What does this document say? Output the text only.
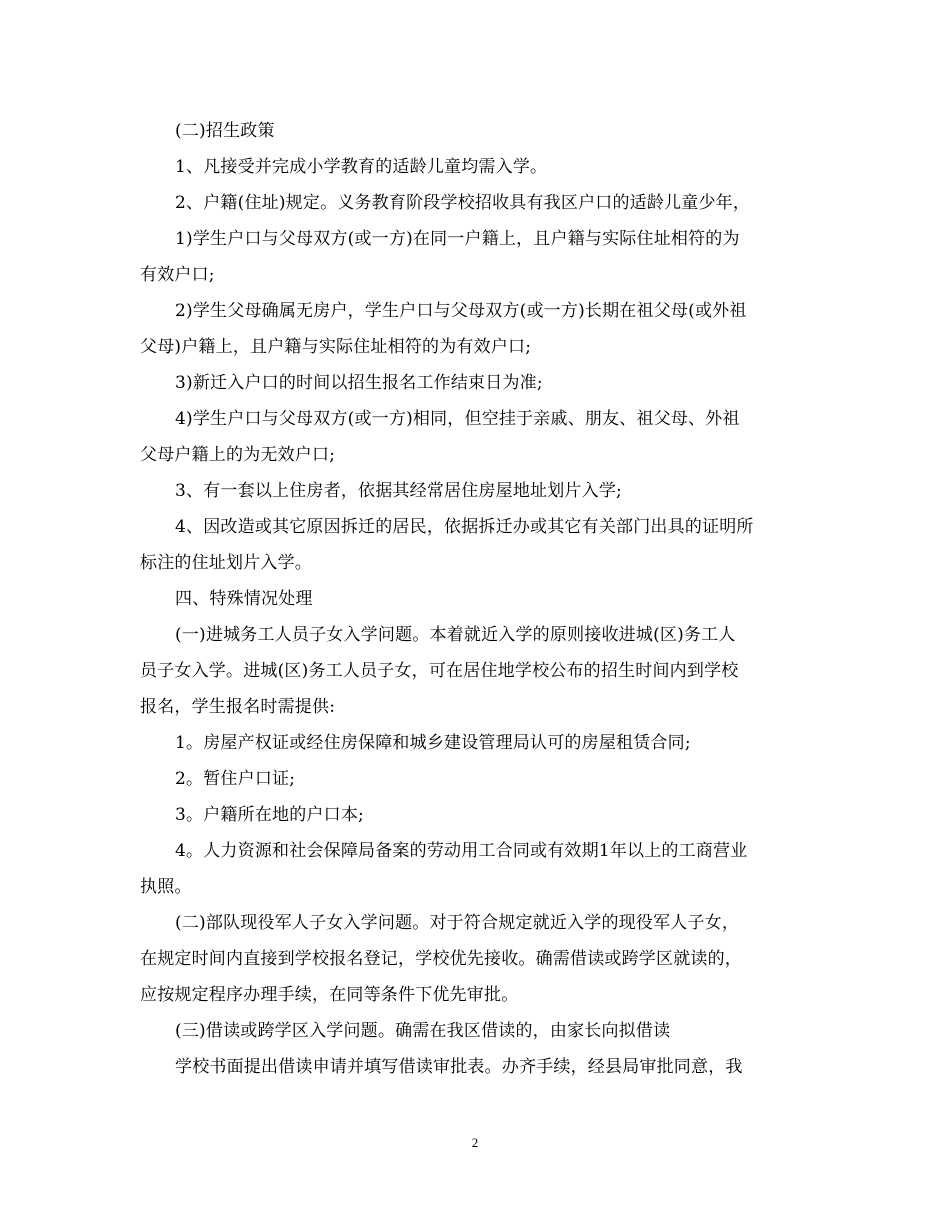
(二)招生政策
1、凡接受并完成小学教育的适龄儿童均需入学。
2、户籍(住址)规定。义务教育阶段学校招收具有我区户口的适龄儿童少年，
1)学生户口与父母双方(或一方)在同一户籍上，且户籍与实际住址相符的为
有效户口;
2)学生父母确属无房户，学生户口与父母双方(或一方)长期在祖父母(或外祖
父母)户籍上，且户籍与实际住址相符的为有效户口;
3)新迁入户口的时间以招生报名工作结束日为准;
4)学生户口与父母双方(或一方)相同，但空挂于亲戚、朋友、祖父母、外祖
父母户籍上的为无效户口;
3、有一套以上住房者，依据其经常居住房屋地址划片入学;
4、因改造或其它原因拆迁的居民，依据拆迁办或其它有关部门出具的证明所
标注的住址划片入学。
四、特殊情况处理
(一)进城务工人员子女入学问题。本着就近入学的原则接收进城(区)务工人
员子女入学。进城(区)务工人员子女，可在居住地学校公布的招生时间内到学校
报名，学生报名时需提供:
1。房屋产权证或经住房保障和城乡建设管理局认可的房屋租赁合同;
2。暂住户口证;
3。户籍所在地的户口本;
4。人力资源和社会保障局备案的劳动用工合同或有效期1年以上的工商营业
执照。
(二)部队现役军人子女入学问题。对于符合规定就近入学的现役军人子女，
在规定时间内直接到学校报名登记，学校优先接收。确需借读或跨学区就读的，
应按规定程序办理手续，在同等条件下优先审批。
(三)借读或跨学区入学问题。确需在我区借读的，由家长向拟借读
学校书面提出借读申请并填写借读审批表。办齐手续，经县局审批同意，我
2
